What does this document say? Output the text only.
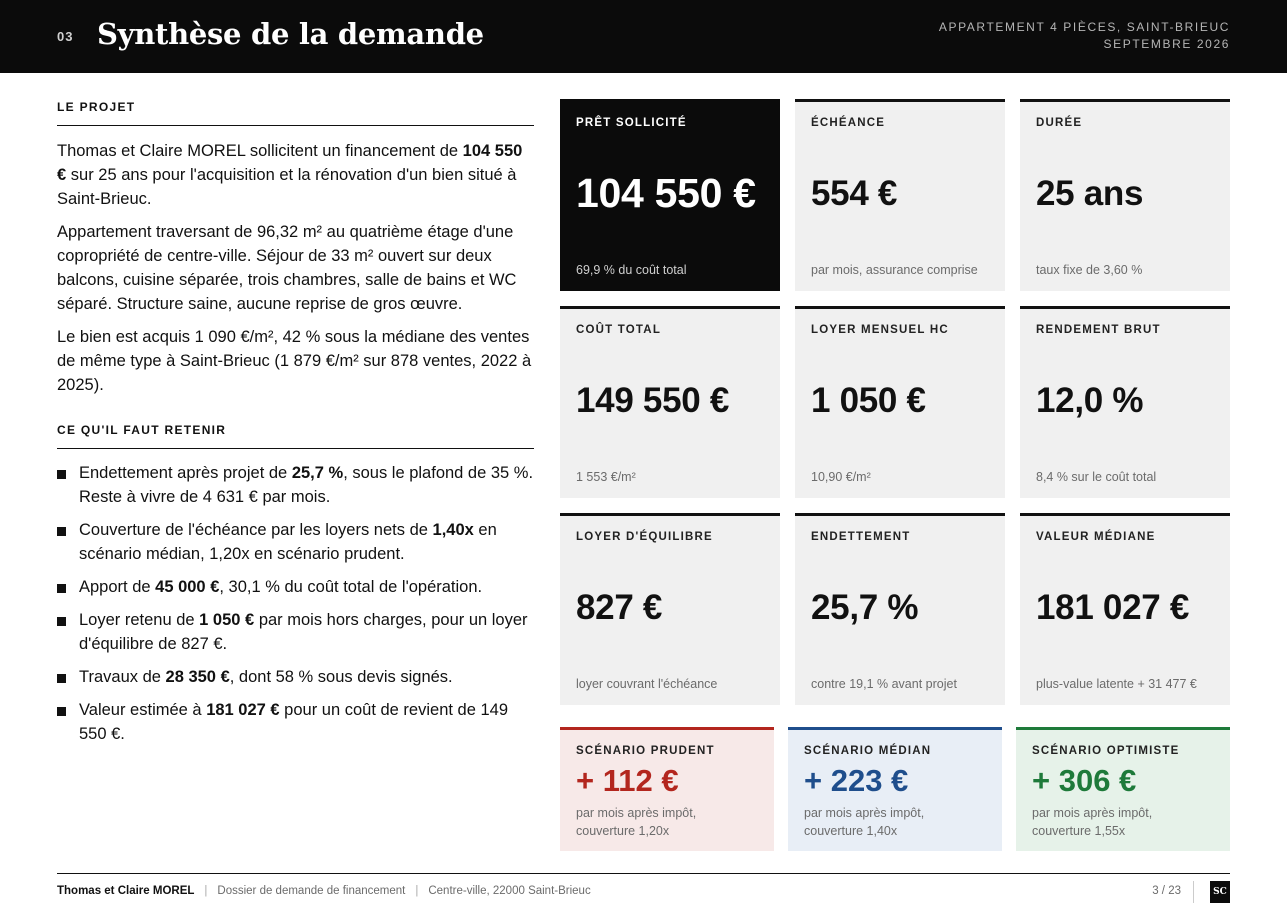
03 Synthèse de la demande	APPARTEMENT 4 PIÈCES, SAINT-BRIEUC
SEPTEMBRE 2026
LE PROJET

Thomas et Claire MOREL sollicitent un financement de 104 550 € sur 25 ans pour l'acquisition et la rénovation d'un bien situé à Saint-Brieuc.

Appartement traversant de 96,32 m² au quatrième étage d'une copropriété de centre-ville. Séjour de 33 m² ouvert sur deux balcons, cuisine séparée, trois chambres, salle de bains et WC séparé. Structure saine, aucune reprise de gros œuvre.

Le bien est acquis 1 090 €/m², 42 % sous la médiane des ventes de même type à Saint-Brieuc (1 879 €/m² sur 878 ventes, 2022 à 2025).

CE QU'IL FAUT RETENIR
Endettement après projet de 25,7 %, sous le plafond de 35 %. Reste à vivre de 4 631 € par mois.
Couverture de l'échéance par les loyers nets de 1,40x en scénario médian, 1,20x en scénario prudent.
Apport de 45 000 €, 30,1 % du coût total de l'opération.
Loyer retenu de 1 050 € par mois hors charges, pour un loyer d'équilibre de 827 €.
Travaux de 28 350 €, dont 58 % sous devis signés.
Valeur estimée à 181 027 € pour un coût de revient de 149 550 €.
PRÊT SOLLICITÉ
104 550 €
69,9 % du coût total
ÉCHÉANCE
554 €
par mois, assurance comprise
DURÉE
25 ans
taux fixe de 3,60 %
COÛT TOTAL
149 550 €
1 553 €/m²
LOYER MENSUEL HC
1 050 €
10,90 €/m²
RENDEMENT BRUT
12,0 %
8,4 % sur le coût total
LOYER D'ÉQUILIBRE
827 €
loyer couvrant l'échéance
ENDETTEMENT
25,7 %
contre 19,1 % avant projet
VALEUR MÉDIANE
181 027 €
plus-value latente + 31 477 €
SCÉNARIO PRUDENT
+ 112 €
par mois après impôt, couverture 1,20x
SCÉNARIO MÉDIAN
+ 223 €
par mois après impôt, couverture 1,40x
SCÉNARIO OPTIMISTE
+ 306 €
par mois après impôt, couverture 1,55x
Thomas et Claire MOREL | Dossier de demande de financement | Centre-ville, 22000 Saint-Brieuc	3 / 23	SC
